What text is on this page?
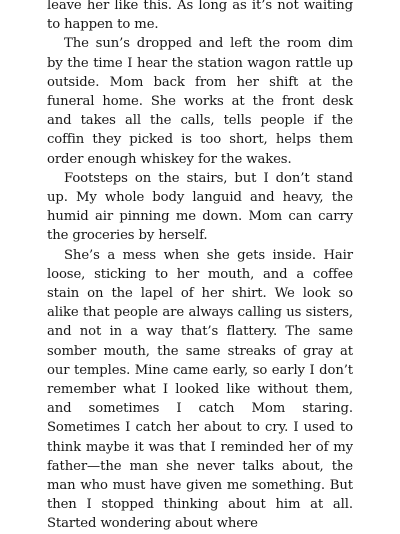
leave her like this. As long as it’s not waiting to happen to me.

The sun’s dropped and left the room dim by the time I hear the station wagon rattle up outside. Mom back from her shift at the funeral home. She works at the front desk and takes all the calls, tells people if the coffin they picked is too short, helps them order enough whiskey for the wakes.

Footsteps on the stairs, but I don’t stand up. My whole body languid and heavy, the humid air pinning me down. Mom can carry the groceries by herself.

She’s a mess when she gets inside. Hair loose, sticking to her mouth, and a coffee stain on the lapel of her shirt. We look so alike that people are always calling us sisters, and not in a way that’s flattery. The same somber mouth, the same streaks of gray at our temples. Mine came early, so early I don’t remember what I looked like without them, and sometimes I catch Mom staring. Sometimes I catch her about to cry. I used to think maybe it was that I reminded her of my father—the man she never talks about, the man who must have given me something. But then I stopped thinking about him at all. Started wondering about where
